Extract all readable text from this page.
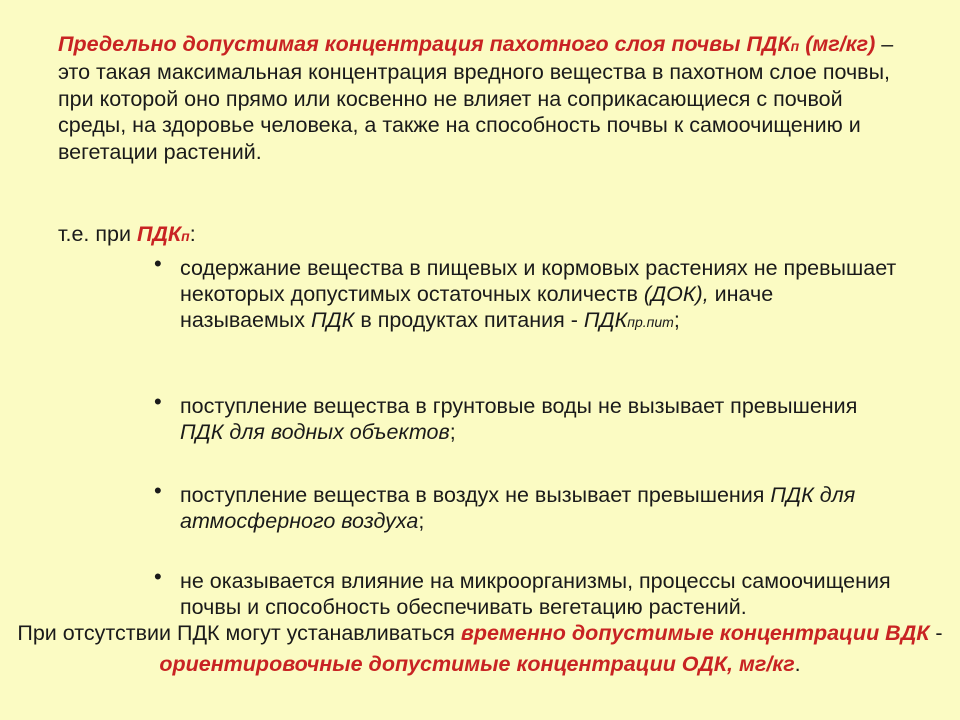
Предельно допустимая концентрация пахотного слоя почвы ПДКп (мг/кг) – это такая максимальная концентрация вредного вещества в пахотном слое почвы, при которой оно прямо или косвенно не влияет на соприкасающиеся с почвой среды, на здоровье человека, а также на способность почвы к самоочищению и вегетации растений.

т.е. при ПДКп:

• содержание вещества в пищевых и кормовых растениях не превышает некоторых допустимых остаточных количеств (ДОК), иначе называемых ПДК в продуктах питания - ПДКпр.пит;

• поступление вещества в грунтовые воды не вызывает превышения ПДК для водных объектов;

• поступление вещества в воздух не вызывает превышения ПДК для атмосферного воздуха;

• не оказывается влияние на микроорганизмы, процессы самоочищения почвы и способность обеспечивать вегетацию растений.

При отсутствии ПДК могут устанавливаться временно допустимые концентрации ВДК - ориентировочные допустимые концентрации ОДК, мг/кг.
